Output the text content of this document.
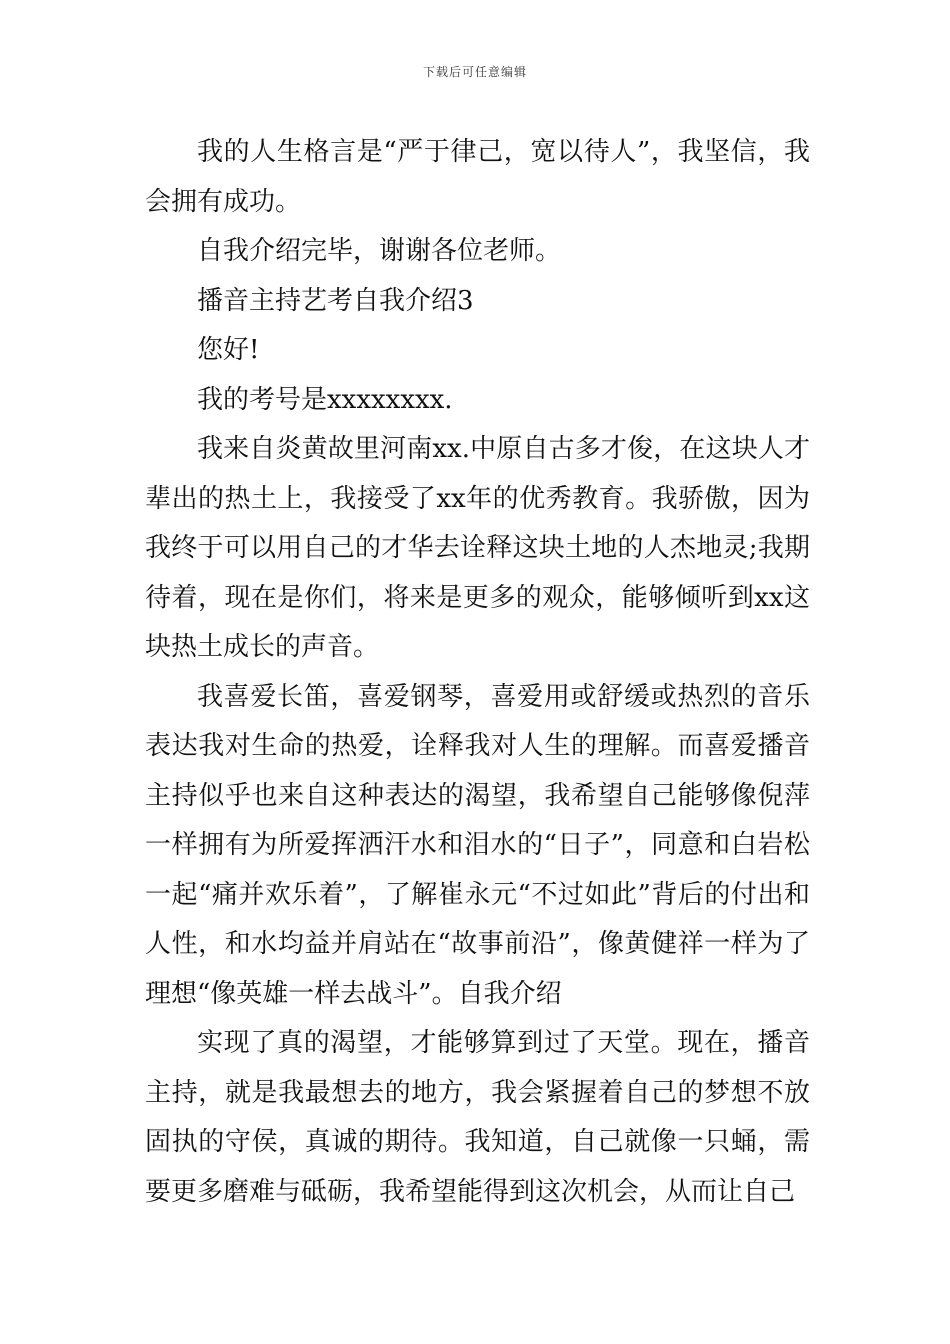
下载后可任意编辑

我的人生格言是“严于律己，宽以待人”，我坚信，我会拥有成功。

自我介绍完毕，谢谢各位老师。

播音主持艺考自我介绍3

您好!

我的考号是xxxxxxxx.

我来自炎黄故里河南xx.中原自古多才俊，在这块人才辈出的热土上，我接受了xx年的优秀教育。我骄傲，因为我终于可以用自己的才华去诠释这块土地的人杰地灵;我期待着，现在是你们，将来是更多的观众，能够倾听到xx这块热土成长的声音。

我喜爱长笛，喜爱钢琴，喜爱用或舒缓或热烈的音乐表达我对生命的热爱，诠释我对人生的理解。而喜爱播音主持似乎也来自这种表达的渴望，我希望自己能够像倪萍一样拥有为所爱挥洒汗水和泪水的“日子”，同意和白岩松一起“痛并欢乐着”，了解崔永元“不过如此”背后的付出和人性，和水均益并肩站在“故事前沿”，像黄健祥一样为了理想“像英雄一样去战斗”。自我介绍

实现了真的渴望，才能够算到过了天堂。现在，播音主持，就是我最想去的地方，我会紧握着自己的梦想不放固执的守侯，真诚的期待。我知道，自己就像一只蛹，需要更多磨难与砥砺，我希望能得到这次机会，从而让自己
